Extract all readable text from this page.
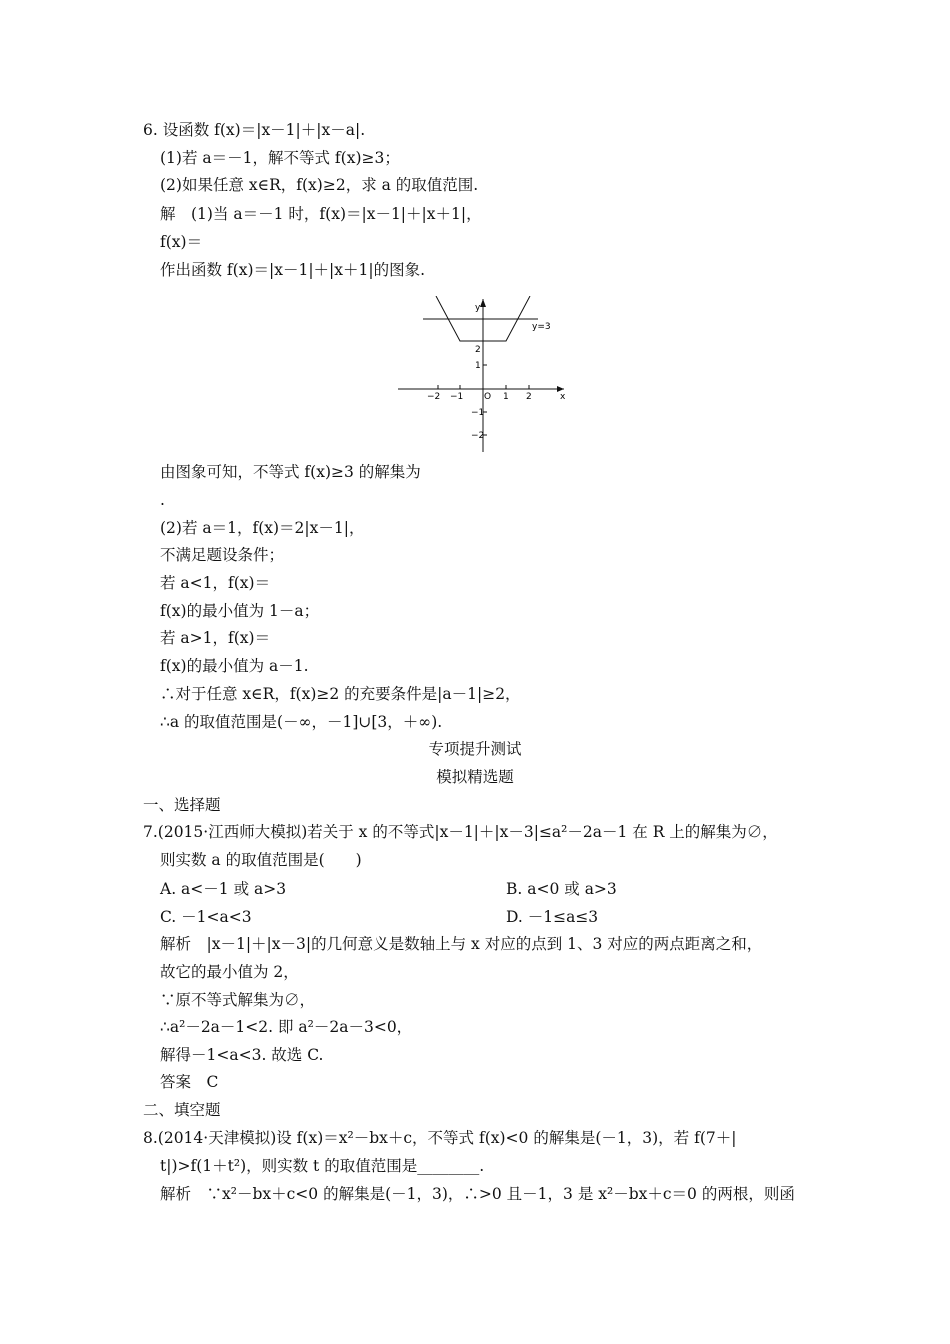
6. 设函数 f(x)＝|x－1|＋|x－a|.
(1)若 a＝－1，解不等式 f(x)≥3；
(2)如果任意 x∈R，f(x)≥2，求 a 的取值范围.
解　(1)当 a＝－1 时，f(x)＝|x－1|＋|x＋1|，
f(x)＝
作出函数 f(x)＝|x－1|＋|x＋1|的图象.
y
x
y=3
O
−2 −1	1 2
2
1
−1
−2
由图象可知，不等式 f(x)≥3 的解集为
.
(2)若 a＝1，f(x)＝2|x－1|，
不满足题设条件；
若 a<1，f(x)＝
f(x)的最小值为 1－a；
若 a>1，f(x)＝
f(x)的最小值为 a－1.
∴对于任意 x∈R，f(x)≥2 的充要条件是|a－1|≥2，
∴a 的取值范围是(－∞，－1]∪[3，＋∞).
专项提升测试
模拟精选题
一、选择题
7.(2015·江西师大模拟)若关于 x 的不等式|x－1|＋|x－3|≤a²－2a－1 在 R 上的解集为∅，
则实数 a 的取值范围是(　　)
A. a<－1 或 a>3	B. a<0 或 a>3
C. －1<a<3	D. －1≤a≤3
解析　|x－1|＋|x－3|的几何意义是数轴上与 x 对应的点到 1、3 对应的两点距离之和，
故它的最小值为 2，
∵原不等式解集为∅，
∴a²－2a－1<2. 即 a²－2a－3<0，
解得－1<a<3. 故选 C.
答案　C
二、填空题
8.(2014·天津模拟)设 f(x)＝x²－bx＋c，不等式 f(x)<0 的解集是(－1，3)，若 f(7＋|
t|)>f(1＋t²)，则实数 t 的取值范围是________.
解析　∵x²－bx＋c<0 的解集是(－1，3)，∴>0 且－1，3 是 x²－bx＋c＝0 的两根，则函
